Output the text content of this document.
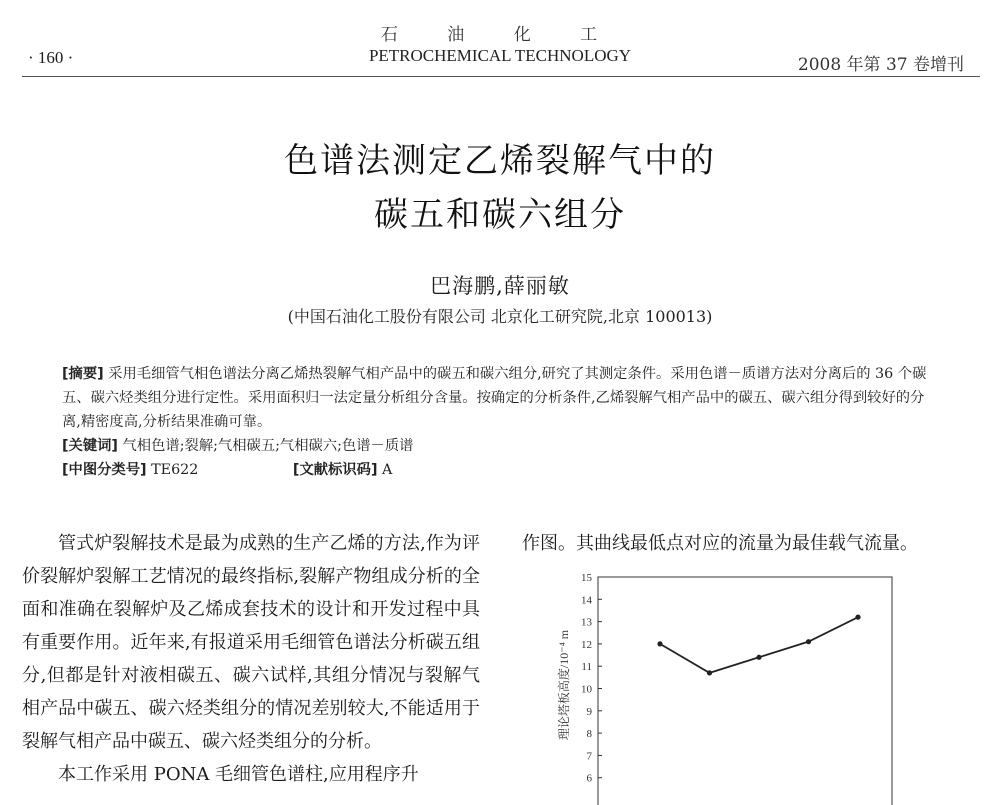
石 油 化 工
PETROCHEMICAL TECHNOLOGY
· 160 ·	2008 年第 37 卷增刊
色谱法测定乙烯裂解气中的
碳五和碳六组分
巴海鹏,薛丽敏
(中国石油化工股份有限公司 北京化工研究院,北京 100013)

[摘要] 采用毛细管气相色谱法分离乙烯热裂解气相产品中的碳五和碳六组分,研究了其测定条件。采用色谱－质谱方法对分离后的 36 个碳五、碳六烃类组分进行定性。采用面积归一法定量分析组分含量。按确定的分析条件,乙烯裂解气相产品中的碳五、碳六组分得到较好的分离,精密度高,分析结果准确可靠。

[关键词] 气相色谱;裂解;气相碳五;气相碳六;色谱－质谱

[中图分类号] TE622	[文献标识码] A

管式炉裂解技术是最为成熟的生产乙烯的方法,作为评价裂解炉裂解工艺情况的最终指标,裂解产物组成分析的全面和准确在裂解炉及乙烯成套技术的设计和开发过程中具有重要作用。近年来,有报道采用毛细管色谱法分析碳五组分,但都是针对液相碳五、碳六试样,其组分情况与裂解气相产品中碳五、碳六烃类组分的情况差别较大,不能适用于裂解气相产品中碳五、碳六烃类组分的分析。

本工作采用 PONA 毛细管色谱柱,应用程序升

作图。其曲线最低点对应的流量为最佳载气流量。
6
7
8
9
10
11
12
13
14
15
理论塔板高度/10⁻⁴ m
